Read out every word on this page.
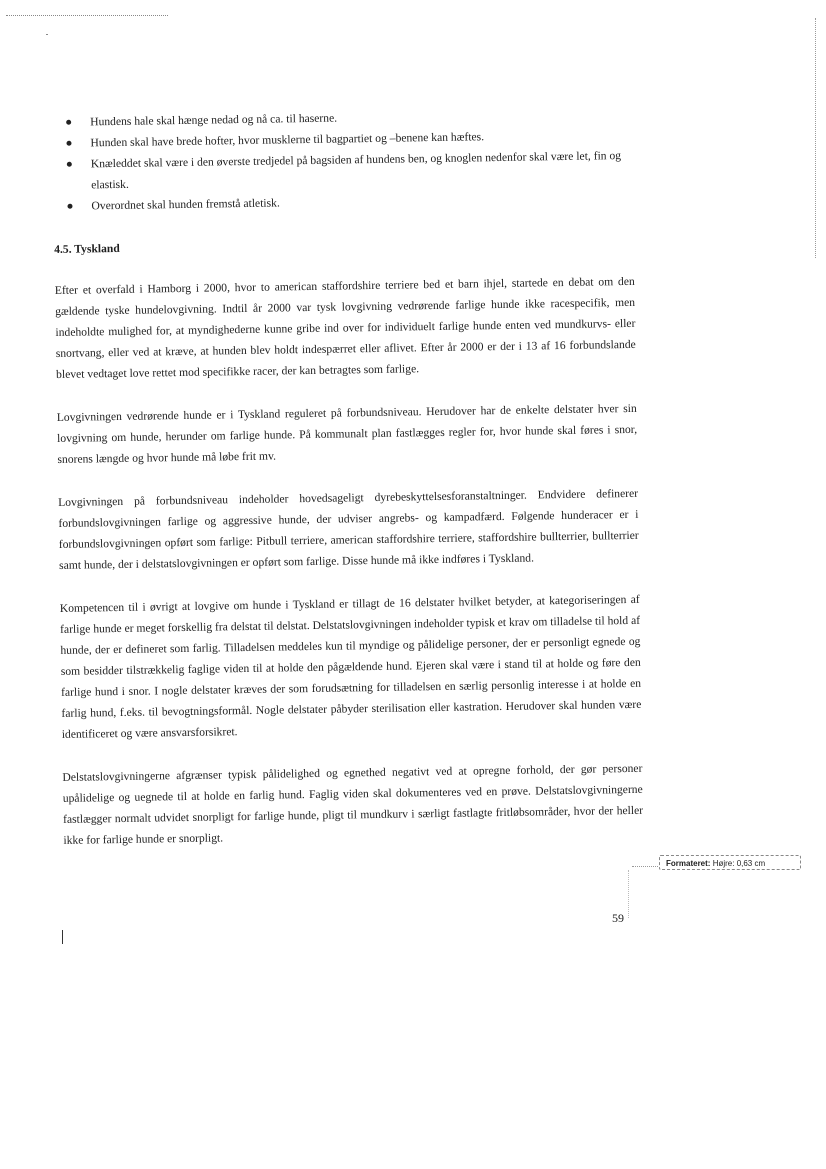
Hundens hale skal hænge nedad og nå ca. til haserne.
Hunden skal have brede hofter, hvor musklerne til bagpartiet og –benene kan hæftes.
Knæleddet skal være i den øverste tredjedel på bagsiden af hundens ben, og knoglen nedenfor skal være let, fin og elastisk.
Overordnet skal hunden fremstå atletisk.
4.5. Tyskland

Efter et overfald i Hamborg i 2000, hvor to american staffordshire terriere bed et barn ihjel, startede en debat om den gældende tyske hundelovgivning. Indtil år 2000 var tysk lovgivning vedrørende farlige hunde ikke racespecifik, men indeholdte mulighed for, at myndighederne kunne gribe ind over for individuelt farlige hunde enten ved mundkurvs- eller snortvang, eller ved at kræve, at hunden blev holdt indespærret eller aflivet. Efter år 2000 er der i 13 af 16 forbundslande blevet vedtaget love rettet mod specifikke racer, der kan betragtes som farlige.

Lovgivningen vedrørende hunde er i Tyskland reguleret på forbundsniveau. Herudover har de enkelte delstater hver sin lovgivning om hunde, herunder om farlige hunde. På kommunalt plan fastlægges regler for, hvor hunde skal føres i snor, snorens længde og hvor hunde må løbe frit mv.

Lovgivningen på forbundsniveau indeholder hovedsageligt dyrebeskyttelsesforanstaltninger. Endvidere definerer forbundslovgivningen farlige og aggressive hunde, der udviser angrebs- og kampadfærd. Følgende hunderacer er i forbundslovgivningen opført som farlige: Pitbull terriere, american staffordshire terriere, staffordshire bullterrier, bullterrier samt hunde, der i delstatslovgivningen er opført som farlige. Disse hunde må ikke indføres i Tyskland.

Kompetencen til i øvrigt at lovgive om hunde i Tyskland er tillagt de 16 delstater hvilket betyder, at kategoriseringen af farlige hunde er meget forskellig fra delstat til delstat. Delstatslovgivningen indeholder typisk et krav om tilladelse til hold af hunde, der er defineret som farlig. Tilladelsen meddeles kun til myndige og pålidelige personer, der er personligt egnede og som besidder tilstrækkelig faglige viden til at holde den pågældende hund. Ejeren skal være i stand til at holde og føre den farlige hund i snor. I nogle delstater kræves der som forudsætning for tilladelsen en særlig personlig interesse i at holde en farlig hund, f.eks. til bevogtningsformål. Nogle delstater påbyder sterilisation eller kastration. Herudover skal hunden være identificeret og være ansvarsforsikret.

Delstatslovgivningerne afgrænser typisk pålidelighed og egnethed negativt ved at opregne forhold, der gør personer upålidelige og uegnede til at holde en farlig hund. Faglig viden skal dokumenteres ved en prøve. Delstatslovgivningerne fastlægger normalt udvidet snorpligt for farlige hunde, pligt til mundkurv i særligt fastlagte fritløbsområder, hvor der heller ikke for farlige hunde er snorpligt.

Formateret: Højre: 0,63 cm
59
